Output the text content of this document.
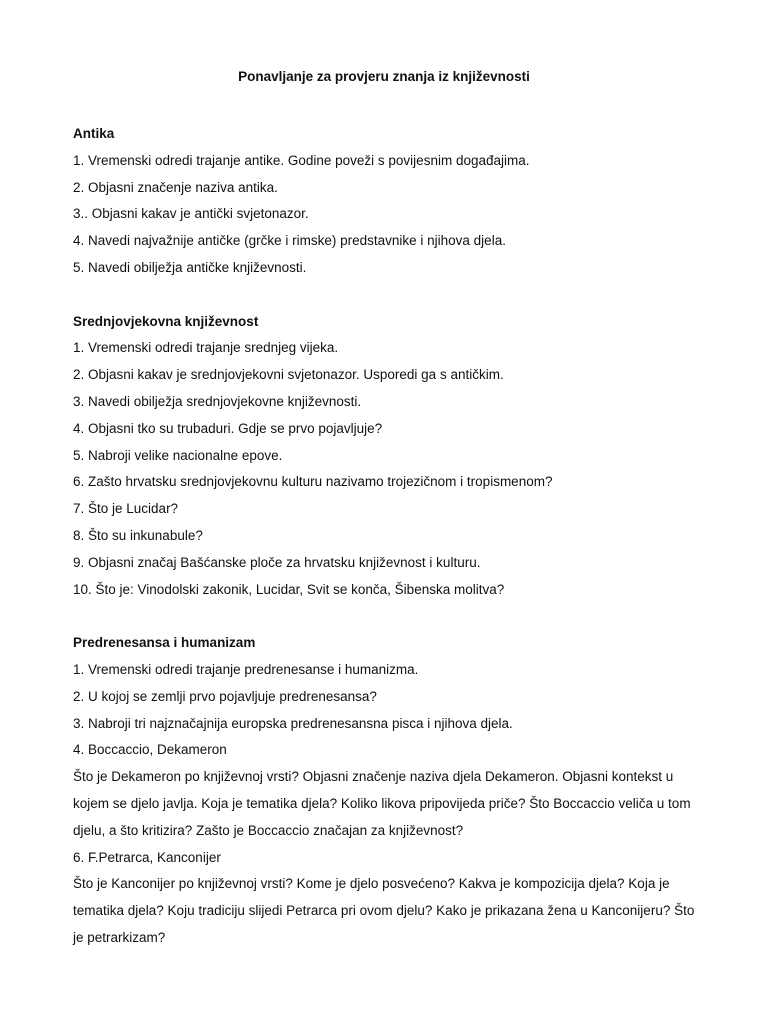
Ponavljanje za provjeru znanja iz književnosti

Antika

1. Vremenski odredi trajanje antike. Godine poveži s povijesnim događajima.

2. Objasni značenje naziva antika.

3.. Objasni kakav je antički svjetonazor.

4. Navedi najvažnije antičke (grčke i rimske) predstavnike i njihova djela.

5. Navedi obilježja antičke književnosti.

Srednjovjekovna književnost

1. Vremenski odredi trajanje srednjeg vijeka.

2. Objasni kakav je srednjovjekovni svjetonazor. Usporedi ga s antičkim.

3. Navedi obilježja srednjovjekovne književnosti.

4. Objasni tko su trubaduri. Gdje se prvo pojavljuje?

5. Nabroji velike nacionalne epove.

6. Zašto hrvatsku srednjovjekovnu kulturu nazivamo trojezičnom i tropismenom?

7. Što je Lucidar?

8. Što su inkunabule?

9. Objasni značaj Bašćanske ploče za hrvatsku književnost i kulturu.

10. Što je: Vinodolski zakonik, Lucidar, Svit se konča, Šibenska molitva?

Predrenesansa i humanizam

1. Vremenski odredi trajanje predrenesanse i humanizma.

2. U kojoj se zemlji prvo pojavljuje predrenesansa?

3. Nabroji tri najznačajnija europska predrenesansna pisca i njihova djela.

4. Boccaccio, Dekameron

Što je Dekameron po književnoj vrsti? Objasni značenje naziva djela Dekameron. Objasni kontekst u kojem se djelo javlja. Koja je tematika djela? Koliko likova pripovijeda priče? Što Boccaccio veliča u tom djelu, a što kritizira? Zašto je Boccaccio značajan za književnost?

6. F.Petrarca, Kanconijer

Što je Kanconijer po književnoj vrsti? Kome je djelo posvećeno? Kakva je kompozicija djela? Koja je tematika djela? Koju tradiciju slijedi Petrarca pri ovom djelu? Kako je prikazana žena u Kanconijeru? Što je petrarkizam?
